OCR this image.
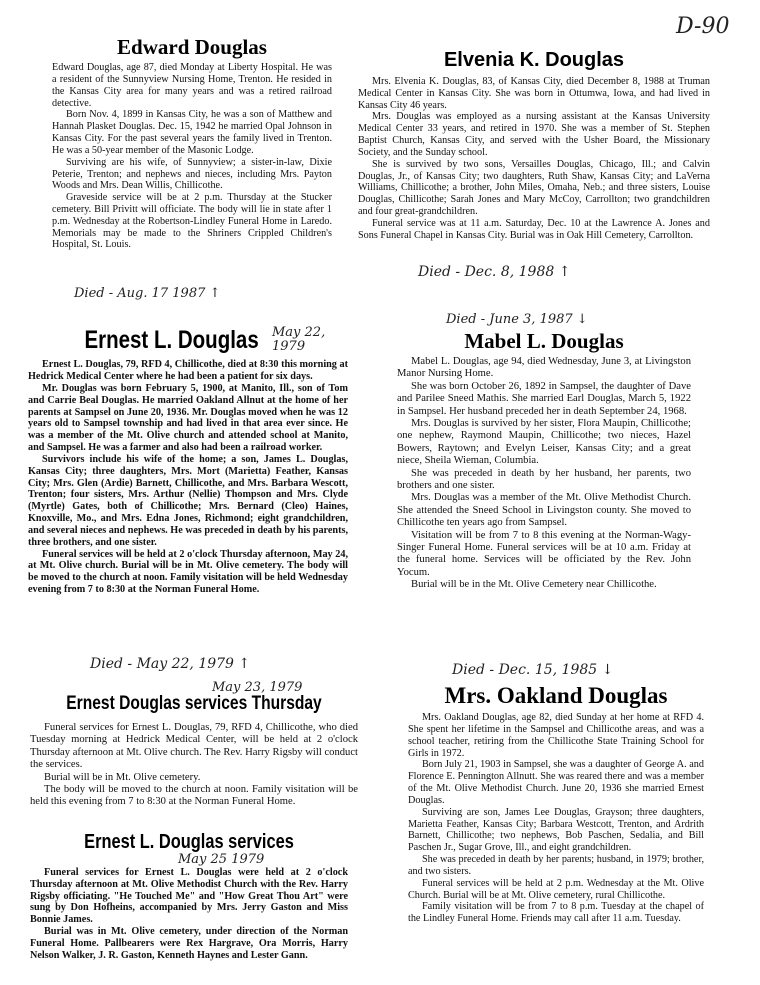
D-90
Edward Douglas

Edward Douglas, age 87, died Monday at Liberty Hospital. He was a resident of the Sunnyview Nursing Home, Trenton. He resided in the Kansas City area for many years and was a retired railroad detective.

Born Nov. 4, 1899 in Kansas City, he was a son of Matthew and Hannah Plasket Douglas. Dec. 15, 1942 he married Opal Johnson in Kansas City. For the past several years the family lived in Trenton. He was a 50-year member of the Masonic Lodge.

Surviving are his wife, of Sunnyview; a sister-in-law, Dixie Peterie, Trenton; and nephews and nieces, including Mrs. Payton Woods and Mrs. Dean Willis, Chillicothe.

Graveside service will be at 2 p.m. Thursday at the Stucker cemetery. Bill Privitt will officiate. The body will lie in state after 1 p.m. Wednesday at the Robertson-Lindley Funeral Home in Laredo. Memorials may be made to the Shriners Crippled Children's Hospital, St. Louis.

Died - Aug. 17 1987 ↑
Elvenia K. Douglas

Mrs. Elvenia K. Douglas, 83, of Kansas City, died December 8, 1988 at Truman Medical Center in Kansas City. She was born in Ottumwa, Iowa, and had lived in Kansas City 46 years.

Mrs. Douglas was employed as a nursing assistant at the Kansas University Medical Center 33 years, and retired in 1970. She was a member of St. Stephen Baptist Church, Kansas City, and served with the Usher Board, the Missionary Society, and the Sunday school.

She is survived by two sons, Versailles Douglas, Chicago, Ill.; and Calvin Douglas, Jr., of Kansas City; two daughters, Ruth Shaw, Kansas City; and LaVerna Williams, Chillicothe; a brother, John Miles, Omaha, Neb.; and three sisters, Louise Douglas, Chillicothe; Sarah Jones and Mary McCoy, Carrollton; two grandchildren and four great-grandchildren.

Funeral service was at 11 a.m. Saturday, Dec. 10 at the Lawrence A. Jones and Sons Funeral Chapel in Kansas City. Burial was in Oak Hill Cemetery, Carrollton.

Died - Dec. 8, 1988 ↑
Ernest L. Douglas

Ernest L. Douglas, 79, RFD 4, Chillicothe, died at 8:30 this morning at Hedrick Medical Center where he had been a patient for six days.

Mr. Douglas was born February 5, 1900, at Manito, Ill., son of Tom and Carrie Beal Douglas. He married Oakland Allnut at the home of her parents at Sampsel on June 20, 1936. Mr. Douglas moved when he was 12 years old to Sampsel township and had lived in that area ever since. He was a member of the Mt. Olive church and attended school at Manito, and Sampsel. He was a farmer and also had been a railroad worker.

Survivors include his wife of the home; a son, James L. Douglas, Kansas City; three daughters, Mrs. Mort (Marietta) Feather, Kansas City; Mrs. Glen (Ardie) Barnett, Chillicothe, and Mrs. Barbara Wescott, Trenton; four sisters, Mrs. Arthur (Nellie) Thompson and Mrs. Clyde (Myrtle) Gates, both of Chillicothe; Mrs. Bernard (Cleo) Haines, Knoxville, Mo., and Mrs. Edna Jones, Richmond; eight grandchildren, and several nieces and nephews. He was preceded in death by his parents, three brothers, and one sister.

Funeral services will be held at 2 o'clock Thursday afternoon, May 24, at Mt. Olive church. Burial will be in Mt. Olive cemetery. The body will be moved to the church at noon. Family visitation will be held Wednesday evening from 7 to 8:30 at the Norman Funeral Home.

May 22, 1979
Died - June 3, 1987 ↓
Mabel L. Douglas

Mabel L. Douglas, age 94, died Wednesday, June 3, at Livingston Manor Nursing Home.

She was born October 26, 1892 in Sampsel, the daughter of Dave and Parilee Sneed Mathis. She married Earl Douglas, March 5, 1922 in Sampsel. Her husband preceded her in death September 24, 1968.

Mrs. Douglas is survived by her sister, Flora Maupin, Chillicothe; one nephew, Raymond Maupin, Chillicothe; two nieces, Hazel Bowers, Raytown; and Evelyn Leiser, Kansas City; and a great niece, Sheila Wieman, Columbia.

She was preceded in death by her husband, her parents, two brothers and one sister.

Mrs. Douglas was a member of the Mt. Olive Methodist Church. She attended the Sneed School in Livingston county. She moved to Chillicothe ten years ago from Sampsel.

Visitation will be from 7 to 8 this evening at the Norman-Wagy-Singer Funeral Home. Funeral services will be at 10 a.m. Friday at the funeral home. Services will be officiated by the Rev. John Yocum.

Burial will be in the Mt. Olive Cemetery near Chillicothe.

Died - May 22, 1979 ↑
May 23, 1979
Ernest Douglas services Thursday

Funeral services for Ernest L. Douglas, 79, RFD 4, Chillicothe, who died Tuesday morning at Hedrick Medical Center, will be held at 2 o'clock Thursday afternoon at Mt. Olive church. The Rev. Harry Rigsby will conduct the services.

Burial will be in Mt. Olive cemetery.

The body will be moved to the church at noon. Family visitation will be held this evening from 7 to 8:30 at the Norman Funeral Home.

Ernest L. Douglas services

Funeral services for Ernest L. Douglas were held at 2 o'clock Thursday afternoon at Mt. Olive Methodist Church with the Rev. Harry Rigsby officiating. "He Touched Me" and "How Great Thou Art" were sung by Don Hofheins, accompanied by Mrs. Jerry Gaston and Miss Bonnie James.

Burial was in Mt. Olive cemetery, under direction of the Norman Funeral Home. Pallbearers were Rex Hargrave, Ora Morris, Harry Nelson Walker, J. R. Gaston, Kenneth Haynes and Lester Gann.

May 25 1979
Died - Dec. 15, 1985 ↓
Mrs. Oakland Douglas

Mrs. Oakland Douglas, age 82, died Sunday at her home at RFD 4. She spent her lifetime in the Sampsel and Chillicothe areas, and was a school teacher, retiring from the Chillicothe State Training School for Girls in 1972.

Born July 21, 1903 in Sampsel, she was a daughter of George A. and Florence E. Pennington Allnutt. She was reared there and was a member of the Mt. Olive Methodist Church. June 20, 1936 she married Ernest Douglas.

Surviving are son, James Lee Douglas, Grayson; three daughters, Marietta Feather, Kansas City; Barbara Westcott, Trenton, and Ardrith Barnett, Chillicothe; two nephews, Bob Paschen, Sedalia, and Bill Paschen Jr., Sugar Grove, Ill., and eight grandchildren.

She was preceded in death by her parents; husband, in 1979; brother, and two sisters.

Funeral services will be held at 2 p.m. Wednesday at the Mt. Olive Church. Burial will be at Mt. Olive cemetery, rural Chillicothe.

Family visitation will be from 7 to 8 p.m. Tuesday at the chapel of the Lindley Funeral Home. Friends may call after 11 a.m. Tuesday.
